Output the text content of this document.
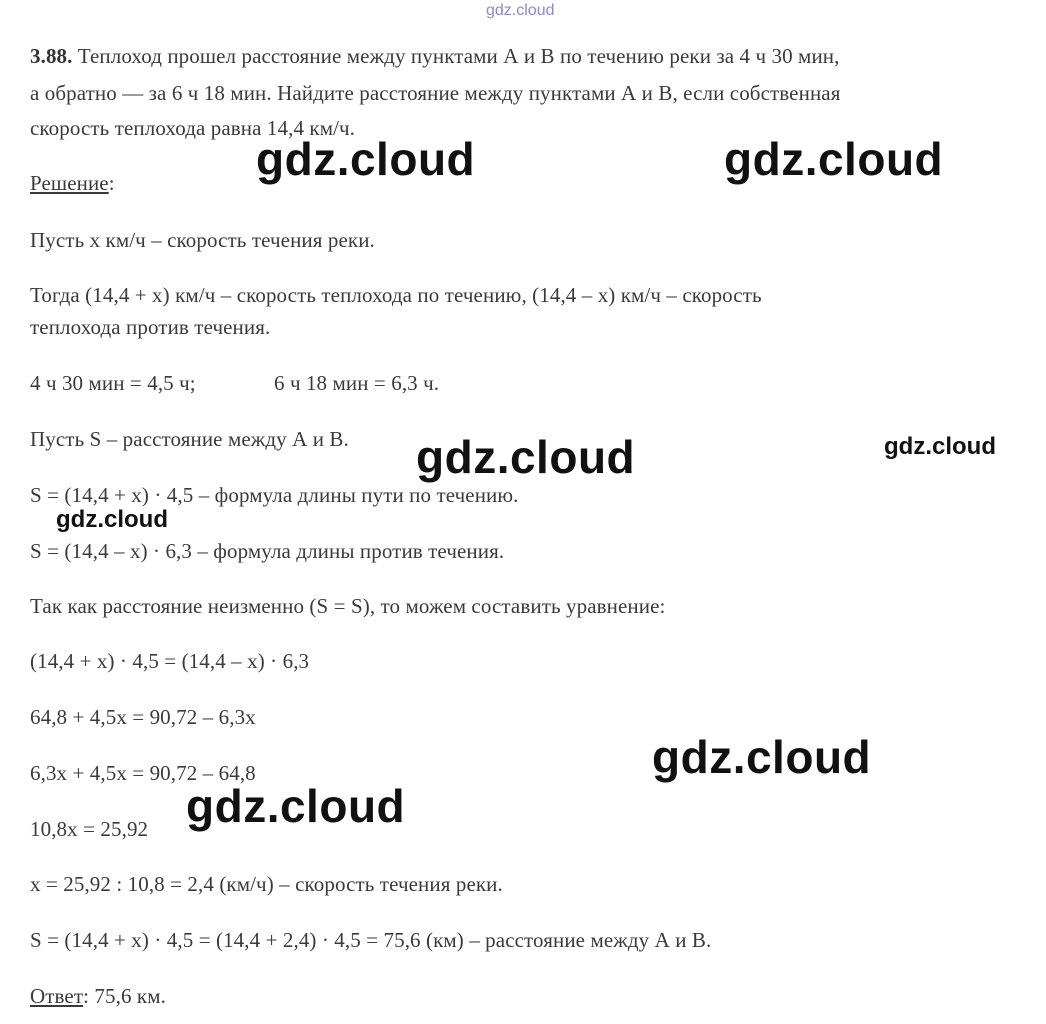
gdz.cloud
3.88. Теплоход прошел расстояние между пунктами А и В по течению реки за 4 ч 30 мин,
а обратно — за 6 ч 18 мин. Найдите расстояние между пунктами А и В, если собственная
скорость теплохода равна 14,4 км/ч.
Решение:
Пусть х км/ч – скорость течения реки.
Тогда (14,4 + х) км/ч – скорость теплохода по течению, (14,4 – х) км/ч – скорость
теплохода против течения.
4 ч 30 мин = 4,5 ч;	6 ч 18 мин = 6,3 ч.
Пусть S – расстояние между А и В.
S = (14,4 + х) · 4,5 – формула длины пути по течению.
S = (14,4 – х) · 6,3 – формула длины против течения.
Так как расстояние неизменно (S = S), то можем составить уравнение:
(14,4 + х) · 4,5 = (14,4 – х) · 6,3
64,8 + 4,5х = 90,72 – 6,3х
6,3х + 4,5х = 90,72 – 64,8
10,8х = 25,92
х = 25,92 : 10,8 = 2,4 (км/ч) – скорость течения реки.
S = (14,4 + х) · 4,5 = (14,4 + 2,4) · 4,5 = 75,6 (км) – расстояние между А и В.
Ответ: 75,6 км.
gdz.cloud	gdz.cloud
gdz.cloud	gdz.cloud
gdz.cloud
gdz.cloud
gdz.cloud
